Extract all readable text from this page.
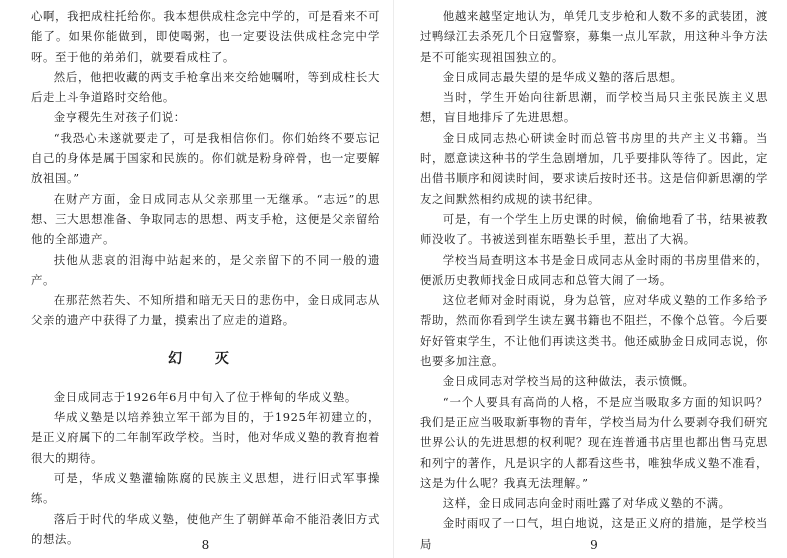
心啊，我把成柱托给你。我本想供成柱念完中学的，可是看来不可能了。如果你能做到，即使喝粥，也一定要设法供成柱念完中学呀。至于他的弟弟们，就要看成柱了。

然后，他把收藏的两支手枪拿出来交给她嘱咐，等到成柱长大后走上斗争道路时交给他。

金亨稷先生对孩子们说：

“我恐心未遂就要走了，可是我相信你们。你们始终不要忘记自己的身体是属于国家和民族的。你们就是粉身碎骨，也一定要解放祖国。”

在财产方面，金日成同志从父亲那里一无继承。“志远”的思想、三大思想准备、争取同志的思想、两支手枪，这便是父亲留给他的全部遗产。

扶他从悲哀的泪海中站起来的，是父亲留下的不同一般的遗产。

在那茫然若失、不知所措和暗无天日的悲伤中，金日成同志从父亲的遗产中获得了力量，摸索出了应走的道路。

幻 灭

金日成同志于1926年6月中旬入了位于桦甸的华成义塾。

华成义塾是以培养独立军干部为目的，于1925年初建立的，是正义府属下的二年制军政学校。当时，他对华成义塾的教育抱着很大的期待。

可是，华成义塾灌输陈腐的民族主义思想，进行旧式军事操练。

落后于时代的华成义塾，使他产生了朝鲜革命不能沿袭旧方式的想法。	8

他越来越坚定地认为，单凭几支步枪和人数不多的武装团，渡过鸭绿江去杀死几个日寇警察，募集一点儿军款，用这种斗争方法是不可能实现祖国独立的。

金日成同志最失望的是华成义塾的落后思想。

当时，学生开始向往新思潮，而学校当局只主张民族主义思想，盲目地排斥了先进思想。

金日成同志热心研读金时而总管书房里的共产主义书籍。当时，愿意读这种书的学生急剧增加，几乎要排队等待了。因此，定出借书顺序和阅读时间，要求读后按时还书。这是信仰新思潮的学友之间默然相约成规的读书纪律。

可是，有一个学生上历史课的时候，偷偷地看了书，结果被教师没收了。书被送到崔东晤塾长手里，惹出了大祸。

学校当局查明这本书是金日成同志从金时雨的书房里借来的，便派历史教师找金日成同志和总管大闹了一场。

这位老师对金时雨说，身为总管，应对华成义塾的工作多给予帮助，然而你看到学生读左翼书籍也不阻拦，不像个总管。今后要好好管束学生，不让他们再读这类书。他还威胁金日成同志说，你也要多加注意。

金日成同志对学校当局的这种做法，表示愤慨。

“一个人要具有高尚的人格，不是应当吸取多方面的知识吗？我们是正应当吸取新事物的青年，学校当局为什么要剥夺我们研究世界公认的先进思想的权利呢？现在连普通书店里也都出售马克思和列宁的著作，凡是识字的人都看这些书，唯独华成义塾不准看，这是为什么呢？我真无法理解。”

这样，金日成同志向金时雨吐露了对华成义塾的不满。

金时雨叹了一口气，坦白地说，这是正义府的措施，是学校当局	9
